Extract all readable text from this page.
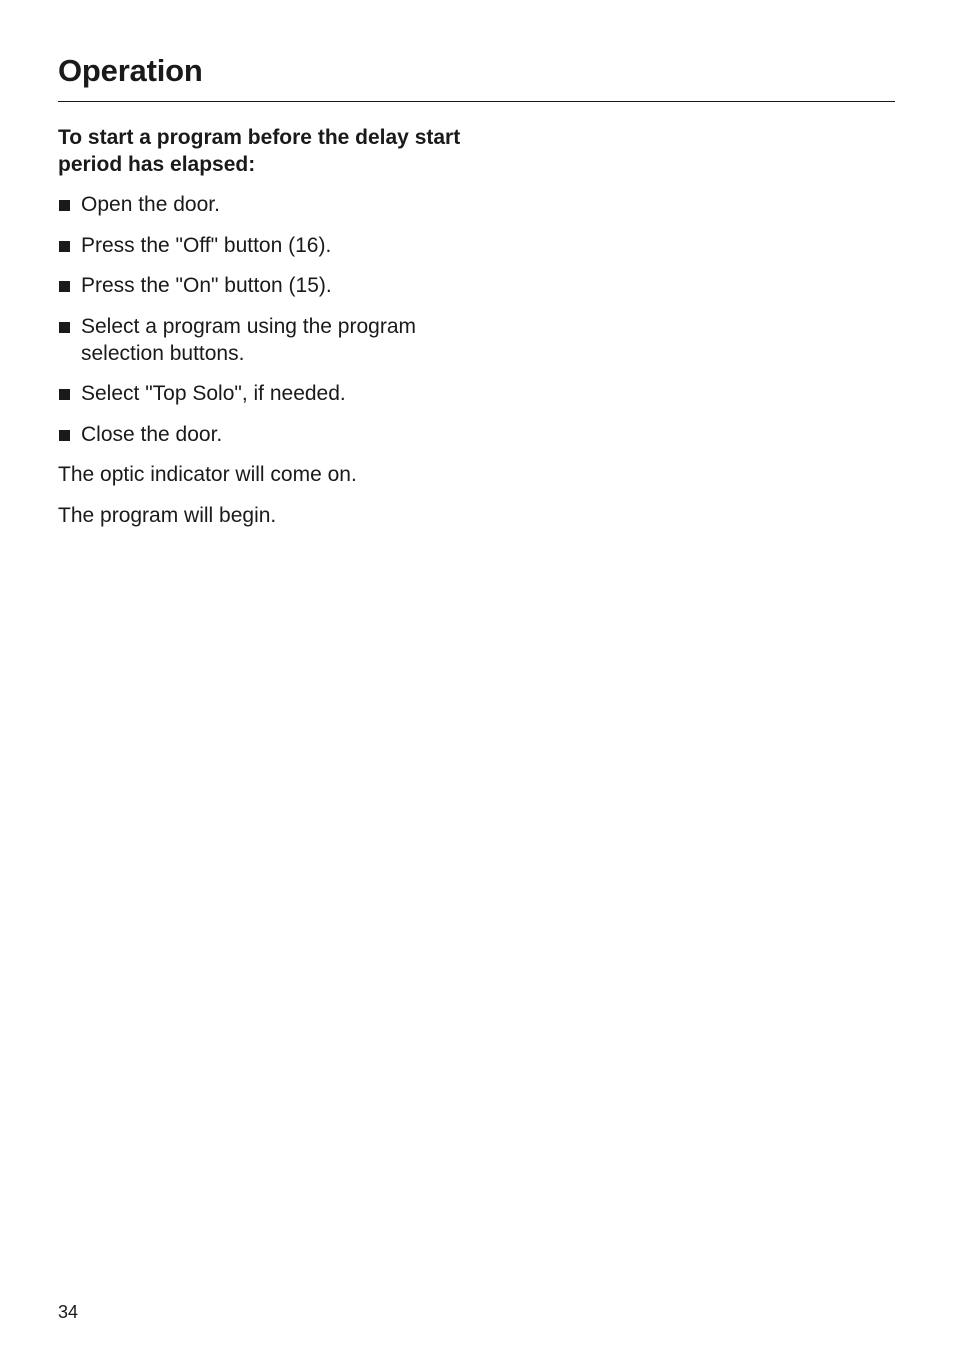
Operation
To start a program before the delay start period has elapsed:
Open the door.
Press the "Off" button (16).
Press the "On" button (15).
Select a program using the program selection buttons.
Select "Top Solo", if needed.
Close the door.

The optic indicator will come on.

The program will begin.

34
